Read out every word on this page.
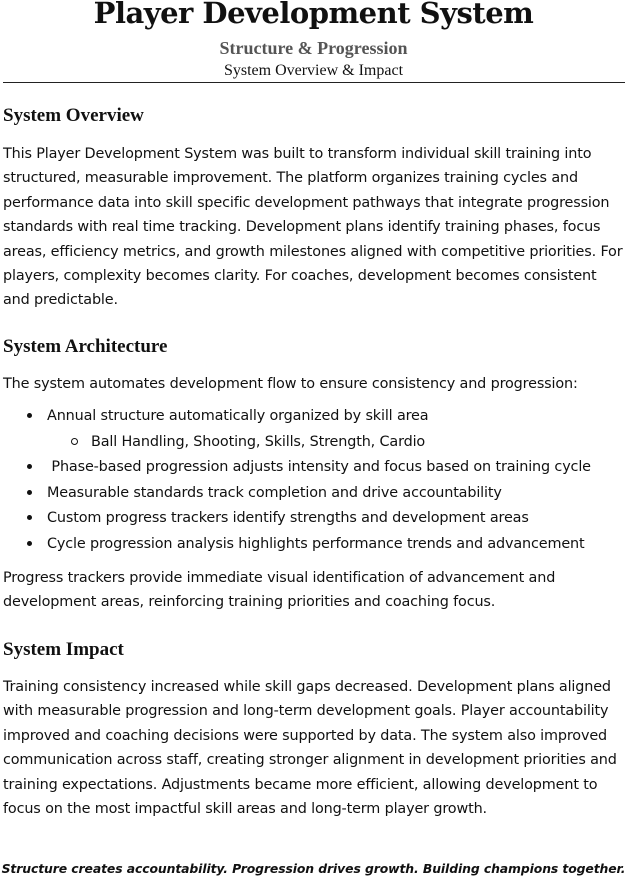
Player Development System
Structure & Progression
System Overview & Impact
System Overview

This Player Development System was built to transform individual skill training into structured, measurable improvement. The platform organizes training cycles and performance data into skill specific development pathways that integrate progression standards with real time tracking. Development plans identify training phases, focus areas, efficiency metrics, and growth milestones aligned with competitive priorities. For players, complexity becomes clarity. For coaches, development becomes consistent and predictable.

System Architecture

The system automates development flow to ensure consistency and progression:

Annual structure automatically organized by skill area
Ball Handling, Shooting, Skills, Strength, Cardio
Phase-based progression adjusts intensity and focus based on training cycle
Measurable standards track completion and drive accountability
Custom progress trackers identify strengths and development areas
Cycle progression analysis highlights performance trends and advancement

Progress trackers provide immediate visual identification of advancement and development areas, reinforcing training priorities and coaching focus.

System Impact

Training consistency increased while skill gaps decreased. Development plans aligned with measurable progression and long-term development goals. Player accountability improved and coaching decisions were supported by data. The system also improved communication across staff, creating stronger alignment in development priorities and training expectations. Adjustments became more efficient, allowing development to focus on the most impactful skill areas and long-term player growth.

Structure creates accountability. Progression drives growth. Building champions together.
